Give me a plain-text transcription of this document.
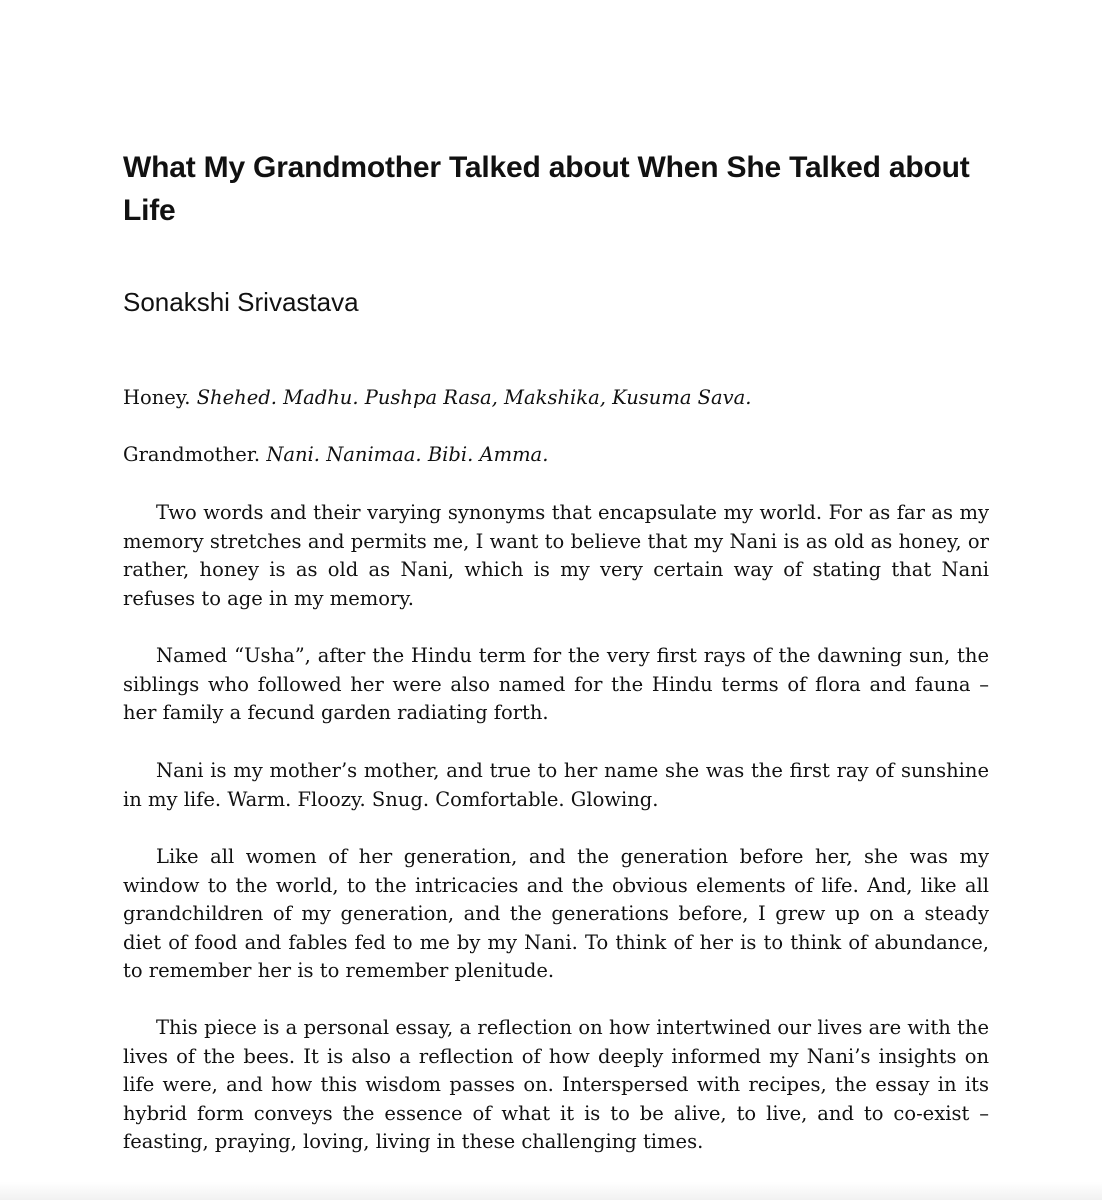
What My Grandmother Talked about When She Talked about Life
Sonakshi Srivastava

Honey. Shehed. Madhu. Pushpa Rasa, Makshika, Kusuma Sava.

Grandmother. Nani. Nanimaa. Bibi. Amma.

Two words and their varying synonyms that encapsulate my world. For as far as my memory stretches and permits me, I want to believe that my Nani is as old as honey, or rather, honey is as old as Nani, which is my very certain way of stating that Nani refuses to age in my memory.

Named “Usha”, after the Hindu term for the very first rays of the dawning sun, the siblings who followed her were also named for the Hindu terms of flora and fauna – her family a fecund garden radiating forth.

Nani is my mother’s mother, and true to her name she was the first ray of sunshine in my life. Warm. Floozy. Snug. Comfortable. Glowing.

Like all women of her generation, and the generation before her, she was my window to the world, to the intricacies and the obvious elements of life. And, like all grandchildren of my generation, and the generations before, I grew up on a steady diet of food and fables fed to me by my Nani. To think of her is to think of abundance, to remember her is to remember plenitude.

This piece is a personal essay, a reflection on how intertwined our lives are with the lives of the bees. It is also a reflection of how deeply informed my Nani’s insights on life were, and how this wisdom passes on. Interspersed with recipes, the essay in its hybrid form conveys the essence of what it is to be alive, to live, and to co-exist – feasting, praying, loving, living in these challenging times.
